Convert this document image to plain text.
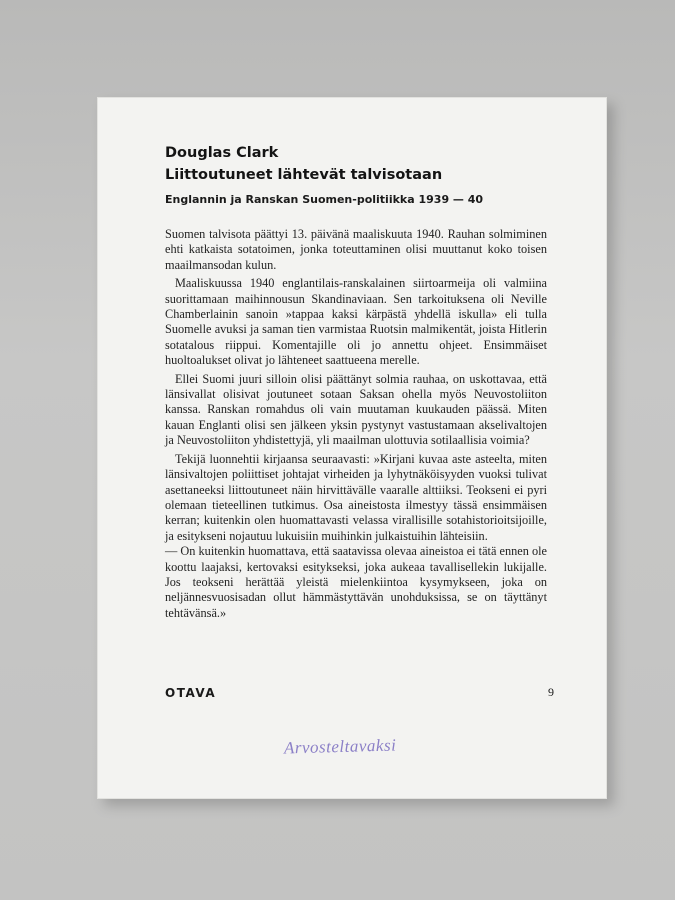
Douglas Clark
Liittoutuneet lähtevät talvisotaan
Englannin ja Ranskan Suomen-politiikka 1939 — 40

Suomen talvisota päättyi 13. päivänä maaliskuuta 1940. Rauhan solmiminen ehti katkaista sotatoimen, jonka toteuttaminen olisi muuttanut koko toisen maailmansodan kulun.

Maaliskuussa 1940 englantilais-ranskalainen siirtoarmeija oli valmiina suorittamaan maihinnousun Skandinaviaan. Sen tarkoituksena oli Neville Chamberlainin sanoin »tappaa kaksi kärpästä yhdellä iskulla» eli tulla Suomelle avuksi ja saman tien varmistaa Ruotsin malmikentät, joista Hitlerin sotatalous riippui. Komentajille oli jo annettu ohjeet. Ensimmäiset huoltoalukset olivat jo lähteneet saattueena merelle.

Ellei Suomi juuri silloin olisi päättänyt solmia rauhaa, on uskottavaa, että länsivallat olisivat joutuneet sotaan Saksan ohella myös Neuvostoliiton kanssa. Ranskan romahdus oli vain muutaman kuukauden päässä. Miten kauan Englanti olisi sen jälkeen yksin pystynyt vastustamaan akselivaltojen ja Neuvostoliiton yhdistettyjä, yli maailman ulottuvia sotilaallisia voimia?

Tekijä luonnehtii kirjaansa seuraavasti: »Kirjani kuvaa aste asteelta, miten länsivaltojen poliittiset johtajat virheiden ja lyhytnäköisyyden vuoksi tulivat asettaneeksi liittoutuneet näin hirvittävälle vaaralle alttiiksi. Teokseni ei pyri olemaan tieteellinen tutkimus. Osa aineistosta ilmestyy tässä ensimmäisen kerran; kuitenkin olen huomattavasti velassa virallisille sotahistorioitsijoille, ja esitykseni nojautuu lukuisiin muihinkin julkaistuihin lähteisiin.

— On kuitenkin huomattava, että saatavissa olevaa aineistoa ei tätä ennen ole koottu laajaksi, kertovaksi esitykseksi, joka aukeaa tavallisellekin lukijalle. Jos teokseni herättää yleistä mielenkiintoa kysymykseen, joka on neljännesvuosisadan ollut hämmästyttävän unohduksissa, se on täyttänyt tehtävänsä.»

OTAVA	9
Arvosteltavaksi
